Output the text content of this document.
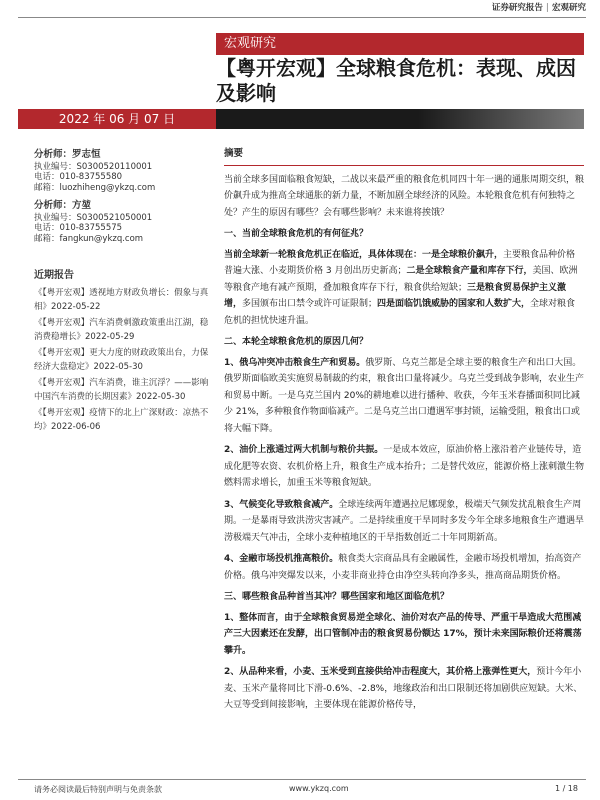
证券研究报告 | 宏观研究
宏观研究
【粤开宏观】全球粮食危机：表现、成因及影响
2022 年 06 月 07 日
分析师：罗志恒
执业编号：S0300520110001
电话：010-83755580
邮箱：luozhiheng@ykzq.com
分析师：方堃
执业编号：S0300521050001
电话：010-83755575
邮箱：fangkun@ykzq.com
近期报告
《【粤开宏观】透视地方财政负增长：假象与真相》2022-05-22
《【粤开宏观】汽车消费刺激政策重出江湖，稳消费稳增长》2022-05-29
《【粤开宏观】更大力度的财政政策出台，力保经济大盘稳定》2022-05-30
《【粤开宏观】汽车消费，谁主沉浮？——影响中国汽车消费的长期因素》2022-05-30
《【粤开宏观】疫情下的北上广深财政：凉热不均》2022-06-06
摘要

当前全球多国面临粮食短缺，二战以来最严重的粮食危机同四十年一遇的通胀周期交织，粮价飙升成为推高全球通胀的新力量，不断加剧全球经济的风险。本轮粮食危机有何独特之处？产生的原因有哪些？会有哪些影响？未来谁将挨饿？

一、当前全球粮食危机的有何征兆？

当前全球新一轮粮食危机正在临近，具体体现在：一是全球粮价飙升，主要粮食品种价格普遍大涨、小麦期货价格 3 月创出历史新高；二是全球粮食产量和库存下行，美国、欧洲等粮食产地有减产预期，叠加粮食库存下行，粮食供给短缺；三是粮食贸易保护主义激增，多国颁布出口禁令或许可证限制；四是面临饥饿威胁的国家和人数扩大，全球对粮食危机的担忧快速升温。

二、本轮全球粮食危机的原因几何？

1、俄乌冲突冲击粮食生产和贸易。俄罗斯、乌克兰都是全球主要的粮食生产和出口大国。俄罗斯面临欧美实施贸易制裁的约束，粮食出口量将减少。乌克兰受到战争影响，农业生产和贸易中断。一是乌克兰国内 20%的耕地难以进行播种、收获，今年玉米春播面积同比减少 21%，多种粮食作物面临减产。二是乌克兰出口遭遇军事封锁，运输受阻，粮食出口或将大幅下降。

2、油价上涨通过两大机制与粮价共振。一是成本效应，原油价格上涨沿着产业链传导，造成化肥等农资、农机价格上升，粮食生产成本抬升；二是替代效应，能源价格上涨刺激生物燃料需求增长，加重玉米等粮食短缺。

3、气候变化导致粮食减产。全球连续两年遭遇拉尼娜现象，极端天气频发扰乱粮食生产周期。一是暴雨导致洪涝灾害减产。二是持续重度干旱同时多发今年全球多地粮食生产遭遇旱涝极端天气冲击，全球小麦种植地区的干旱指数创近二十年同期新高。

4、金融市场投机推高粮价。粮食类大宗商品具有金融属性，金融市场投机增加，抬高资产价格。俄乌冲突爆发以来，小麦非商业持仓由净空头转向净多头，推高商品期货价格。

三、哪些粮食品种首当其冲？哪些国家和地区面临危机？

1、整体而言，由于全球粮食贸易逆全球化、油价对农产品的传导、严重干旱造成大范围减产三大因素还在发酵，出口管制冲击的粮食贸易份额达 17%，预计未来国际粮价还将震荡攀升。

2、从品种来看，小麦、玉米受到直接供给冲击程度大，其价格上涨弹性更大，预计今年小麦、玉米产量将同比下滑-0.6%、-2.8%，地缘政治和出口限制还将加剧供应短缺。大米、大豆等受到间接影响，主要体现在能源价格传导，

请务必阅读最后特别声明与免责条款	www.ykzq.com	1 / 18
